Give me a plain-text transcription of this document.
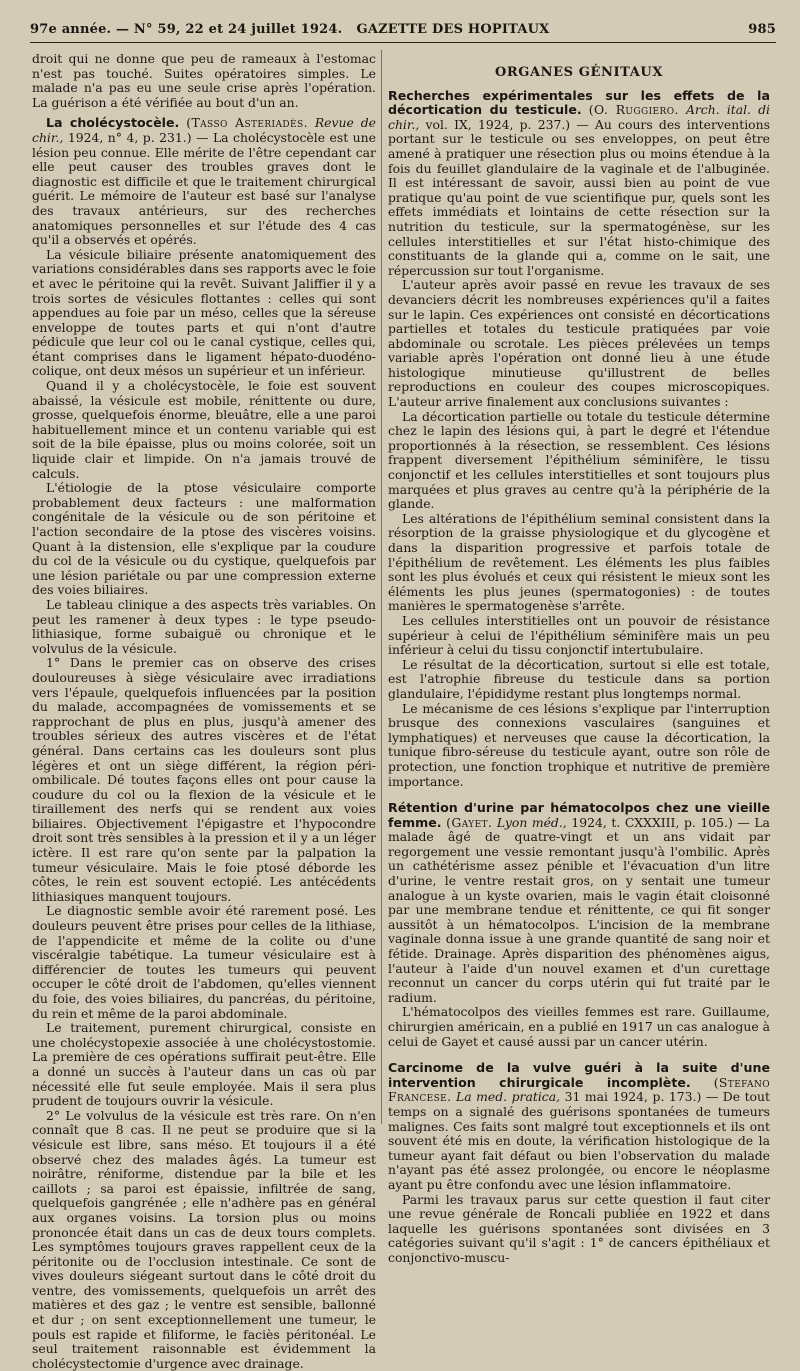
97e année. — N° 59, 22 et 24 juillet 1924.	GAZETTE DES HOPITAUX	985

droit qui ne donne que peu de rameaux à l'estomac n'est pas touché. Suites opératoires simples. Le malade n'a pas eu une seule crise après l'opération. La guérison a été vérifiée au bout d'un an.

La cholécystocèle. (Tasso Asteriadès. Revue de chir., 1924, n° 4, p. 231.) — La cholécystocèle est une lésion peu connue. Elle mérite de l'être cependant car elle peut causer des troubles graves dont le diagnostic est difficile et que le traitement chirurgical guérit. Le mémoire de l'auteur est basé sur l'analyse des travaux antérieurs, sur des recherches anatomiques personnelles et sur l'étude des 4 cas qu'il a observés et opérés.

La vésicule biliaire présente anatomiquement des variations considérables dans ses rapports avec le foie et avec le péritoine qui la revêt. Suivant Jaliffier il y a trois sortes de vésicules flottantes : celles qui sont appendues au foie par un méso, celles que la séreuse enveloppe de toutes parts et qui n'ont d'autre pédicule que leur col ou le canal cystique, celles qui, étant comprises dans le ligament hépato-duodéno-colique, ont deux mésos un supérieur et un inférieur.

Quand il y a cholécystocèle, le foie est souvent abaissé, la vésicule est mobile, rénittente ou dure, grosse, quelquefois énorme, bleuâtre, elle a une paroi habituellement mince et un contenu variable qui est soit de la bile épaisse, plus ou moins colorée, soit un liquide clair et limpide. On n'a jamais trouvé de calculs.

L'étiologie de la ptose vésiculaire comporte probablement deux facteurs : une malformation congénitale de la vésicule ou de son péritoine et l'action secondaire de la ptose des viscères voisins. Quant à la distension, elle s'explique par la coudure du col de la vésicule ou du cystique, quelquefois par une lésion pariétale ou par une compression externe des voies biliaires.

Le tableau clinique a des aspects très variables. On peut les ramener à deux types : le type pseudo-lithiasique, forme subaiguë ou chronique et le volvulus de la vésicule.

1° Dans le premier cas on observe des crises douloureuses à siège vésiculaire avec irradiations vers l'épaule, quelquefois influencées par la position du malade, accompagnées de vomissements et se rapprochant de plus en plus, jusqu'à amener des troubles sérieux des autres viscères et de l'état général. Dans certains cas les douleurs sont plus légères et ont un siège différent, la région péri-ombilicale. Dé toutes façons elles ont pour cause la coudure du col ou la flexion de la vésicule et le tiraillement des nerfs qui se rendent aux voies biliaires. Objectivement l'épigastre et l'hypocondre droit sont très sensibles à la pression et il y a un léger ictère. Il est rare qu'on sente par la palpation la tumeur vésiculaire. Mais le foie ptosé déborde les côtes, le rein est souvent ectopié. Les antécédents lithiasiques manquent toujours.

Le diagnostic semble avoir été rarement posé. Les douleurs peuvent être prises pour celles de la lithiase, de l'appendicite et même de la colite ou d'une viscéralgie tabétique. La tumeur vésiculaire est à différencier de toutes les tumeurs qui peuvent occuper le côté droit de l'abdomen, qu'elles viennent du foie, des voies biliaires, du pancréas, du péritoine, du rein et même de la paroi abdominale.

Le traitement, purement chirurgical, consiste en une cholécystopexie associée à une cholécystostomie. La première de ces opérations suffirait peut-être. Elle a donné un succès à l'auteur dans un cas où par nécessité elle fut seule employée. Mais il sera plus prudent de toujours ouvrir la vésicule.

2° Le volvulus de la vésicule est très rare. On n'en connaît que 8 cas. Il ne peut se produire que si la vésicule est libre, sans méso. Et toujours il a été observé chez des malades âgés. La tumeur est noirâtre, réniforme, distendue par la bile et les caillots ; sa paroi est épaissie, infiltrée de sang, quelquefois gangrénée ; elle n'adhère pas en général aux organes voisins. La torsion plus ou moins prononcée était dans un cas de deux tours complets. Les symptômes toujours graves rappellent ceux de la péritonite ou de l'occlusion intestinale. Ce sont de vives douleurs siégeant surtout dans le côté droit du ventre, des vomissements, quelquefois un arrêt des matières et des gaz ; le ventre est sensible, ballonné et dur ; on sent exceptionnellement une tumeur, le pouls est rapide et filiforme, le faciès péritonéal. Le seul traitement raisonnable est évidemment la cholécystectomie d'urgence avec drainage.

ORGANES GÉNITAUX

Recherches expérimentales sur les effets de la décortication du testicule. (O. Ruggiero. Arch. ital. di chir., vol. IX, 1924, p. 237.) — Au cours des interventions portant sur le testicule ou ses enveloppes, on peut être amené à pratiquer une résection plus ou moins étendue à la fois du feuillet glandulaire de la vaginale et de l'albuginée. Il est intéressant de savoir, aussi bien au point de vue pratique qu'au point de vue scientifique pur, quels sont les effets immédiats et lointains de cette résection sur la nutrition du testicule, sur la spermatogénèse, sur les cellules interstitielles et sur l'état histo-chimique des constituants de la glande qui a, comme on le sait, une répercussion sur tout l'organisme.

L'auteur après avoir passé en revue les travaux de ses devanciers décrit les nombreuses expériences qu'il a faites sur le lapin. Ces expériences ont consisté en décortications partielles et totales du testicule pratiquées par voie abdominale ou scrotale. Les pièces prélevées un temps variable après l'opération ont donné lieu à une étude histologique minutieuse qu'illustrent de belles reproductions en couleur des coupes microscopiques. L'auteur arrive finalement aux conclusions suivantes :

La décortication partielle ou totale du testicule détermine chez le lapin des lésions qui, à part le degré et l'étendue proportionnés à la résection, se ressemblent. Ces lésions frappent diversement l'épithélium séminifère, le tissu conjonctif et les cellules interstitielles et sont toujours plus marquées et plus graves au centre qu'à la périphérie de la glande.

Les altérations de l'épithélium seminal consistent dans la résorption de la graisse physiologique et du glycogène et dans la disparition progressive et parfois totale de l'épithélium de revêtement. Les éléments les plus faibles sont les plus évolués et ceux qui résistent le mieux sont les éléments les plus jeunes (spermatogonies) : de toutes manières le spermatogenèse s'arrête.

Les cellules interstitielles ont un pouvoir de résistance supérieur à celui de l'épithélium séminifère mais un peu inférieur à celui du tissu conjonctif intertubulaire.

Le résultat de la décortication, surtout si elle est totale, est l'atrophie fibreuse du testicule dans sa portion glandulaire, l'épididyme restant plus longtemps normal.

Le mécanisme de ces lésions s'explique par l'interruption brusque des connexions vasculaires (sanguines et lymphatiques) et nerveuses que cause la décortication, la tunique fibro-séreuse du testicule ayant, outre son rôle de protection, une fonction trophique et nutritive de première importance.

Rétention d'urine par hématocolpos chez une vieille femme. (Gayet. Lyon méd., 1924, t. CXXXIII, p. 105.) — La malade âgé de quatre-vingt et un ans vidait par regorgement une vessie remontant jusqu'à l'ombilic. Après un cathétérisme assez pénible et l'évacuation d'un litre d'urine, le ventre restait gros, on y sentait une tumeur analogue à un kyste ovarien, mais le vagin était cloisonné par une membrane tendue et rénittente, ce qui fit songer aussitôt à un hématocolpos. L'incision de la membrane vaginale donna issue à une grande quantité de sang noir et fétide. Drainage. Après disparition des phénomènes aigus, l'auteur à l'aide d'un nouvel examen et d'un curettage reconnut un cancer du corps utérin qui fut traité par le radium.

L'hématocolpos des vieilles femmes est rare. Guillaume, chirurgien américain, en a publié en 1917 un cas analogue à celui de Gayet et causé aussi par un cancer utérin.

Carcinome de la vulve guéri à la suite d'une intervention chirurgicale incomplète. (Stefano Francese. La med. pratica, 31 mai 1924, p. 173.) — De tout temps on a signalé des guérisons spontanées de tumeurs malignes. Ces faits sont malgré tout exceptionnels et ils ont souvent été mis en doute, la vérification histologique de la tumeur ayant fait défaut ou bien l'observation du malade n'ayant pas été assez prolongée, ou encore le néoplasme ayant pu être confondu avec une lésion inflammatoire.

Parmi les travaux parus sur cette question il faut citer une revue générale de Roncali publiée en 1922 et dans laquelle les guérisons spontanées sont divisées en 3 catégories suivant qu'il s'agit : 1° de cancers épithéliaux et conjonctivo-muscu-
